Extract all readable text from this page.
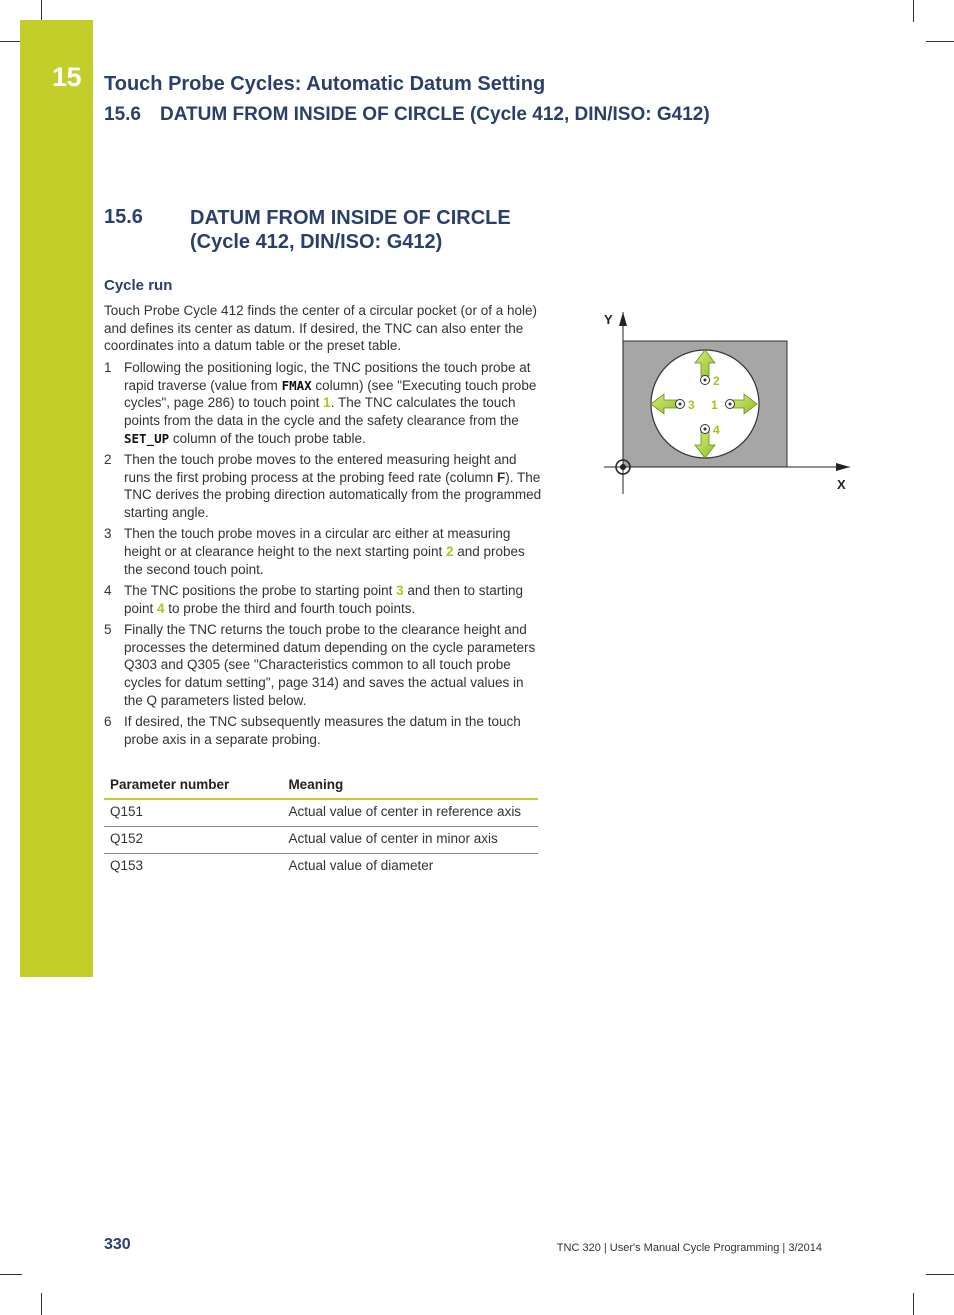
15 Touch Probe Cycles: Automatic Datum Setting
15.6 DATUM FROM INSIDE OF CIRCLE (Cycle 412, DIN/ISO: G412)
15.6 DATUM FROM INSIDE OF CIRCLE
(Cycle 412, DIN/ISO: G412)
Cycle run
Touch Probe Cycle 412 finds the center of a circular pocket (or of a hole) and defines its center as datum. If desired, the TNC can also enter the coordinates into a datum table or the preset table.
1 Following the positioning logic, the TNC positions the touch probe at rapid traverse (value from FMAX column) (see "Executing touch probe cycles", page 286) to touch point 1. The TNC calculates the touch points from the data in the cycle and the safety clearance from the SET_UP column of the touch probe table.
2 Then the touch probe moves to the entered measuring height and runs the first probing process at the probing feed rate (column F). The TNC derives the probing direction automatically from the programmed starting angle.
3 Then the touch probe moves in a circular arc either at measuring height or at clearance height to the next starting point 2 and probes the second touch point.
4 The TNC positions the probe to starting point 3 and then to starting point 4 to probe the third and fourth touch points.
5 Finally the TNC returns the touch probe to the clearance height and processes the determined datum depending on the cycle parameters Q303 and Q305 (see "Characteristics common to all touch probe cycles for datum setting", page 314) and saves the actual values in the Q parameters listed below.
6 If desired, the TNC subsequently measures the datum in the touch probe axis in a separate probing.
Parameter number	Meaning
Q151	Actual value of center in reference axis
Q152	Actual value of center in minor axis
Q153	Actual value of diameter
Y
X
2
4
3 1
330	TNC 320 | User's Manual Cycle Programming | 3/2014
